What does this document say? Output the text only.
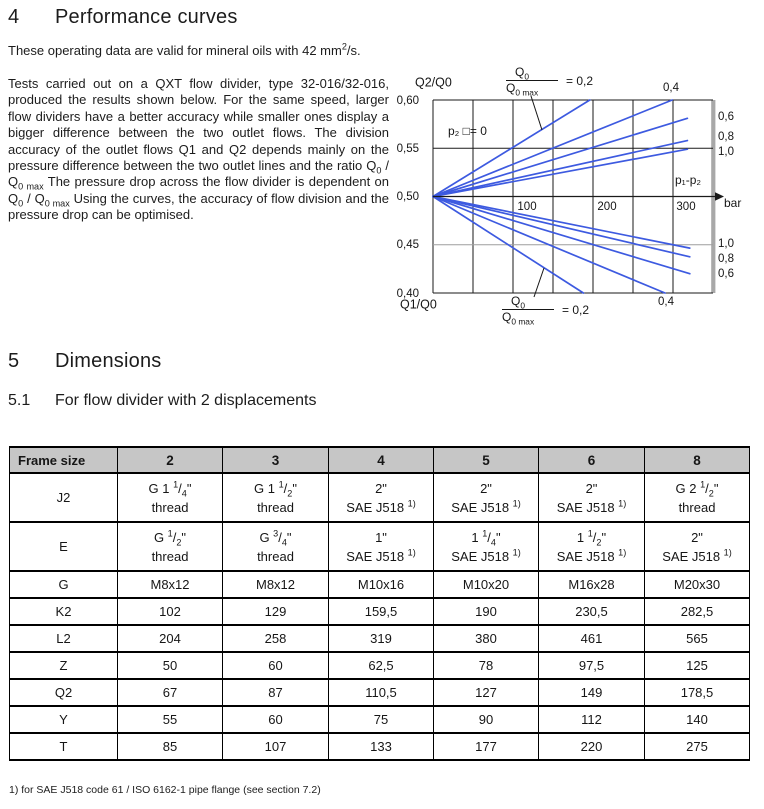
4 Performance curves

These operating data are valid for mineral oils with 42 $mm^2/s$.

Tests carried out on a QXT flow divider, type 32-016/32-016, produced the results shown below. For the same speed, larger flow dividers have a better accuracy while smaller ones display a bigger difference between the two outlet flows. The division accuracy of the outlet flows Q1 and Q2 depends mainly on the pressure difference between the two outlet lines and the ratio $Q_0 / Q_{0 max}$ The pressure drop across the flow divider is dependent on $Q_0 / Q_{0 max}$ Using the curves, the accuracy of flow division and the pressure drop can be optimised.

Q2/Q0
Q1/Q0
0,60
0,55
0,50
0,45
0,40
100	200	300 bar
p₁-p₂
p₂ □= 0
0,4
0,6
0,8
1,0
1,0
0,8
0,6
0,4
$\frac{Q_0}{Q_{0 max}} = 0,2$
$\frac{Q_0}{Q_{0 max}} = 0,2$
5 Dimensions
5.1 For flow divider with 2 displacements
Frame size	2	3	4	5	6	8
J2	
G 1 $^1/_4$"
thread

G 1 $^1/_2$"
thread

2"
SAE J518 $^{1)}$

2"
SAE J518 $^{1)}$

2"
SAE J518 $^{1)}$

G 2 $^1/_2$"
thread

E	
G $^1/_2$"
thread

G $^3/_4$"
thread

1"
SAE J518 $^{1)}$

1 $^1/_4$"
SAE J518 $^{1)}$

1 $^1/_2$"
SAE J518 $^{1)}$

2"
SAE J518 $^{1)}$

G	M8x12	M8x12	M10x16	M10x20	M16x28	M20x30

K2	102	129	159,5	190	230,5	282,5

L2	204	258	319	380	461	565

Z	50	60	62,5	78	97,5	125

Q2	67	87	110,5	127	149	178,5

Y	55	60	75	90	112	140

T	85	107	133	177	220	275
1) for SAE J518 code 61 / ISO 6162-1 pipe flange (see section 7.2)
